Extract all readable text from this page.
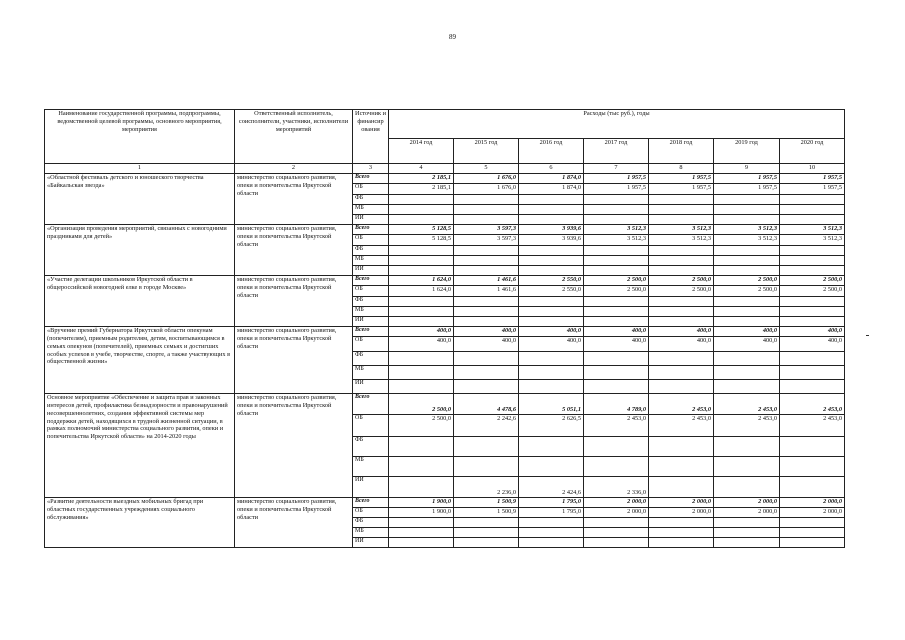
89
Наименование государственной программы, подпрограммы, ведомственной целевой программы, основного мероприятия, мероприятия	Ответственный исполнитель, соисполнители, участники, исполнители мероприятий	Источник и финансир ования	Расходы (тыс руб.), годы						
			2014 год	2015 год	2016 год	2017 год	2018 год	2019 год	2020 год
1	2	3	4	5	6	7	8	9	10
«Областной фестиваль детского и юношеского творчества «Байкальская звезда»	министерство социального развития, опеки и попечительства Иркутской области	Всего	2 185,1	1 676,0	1 874,0	1 957,5	1 957,5	1 957,5	1 957,5
		ОБ	2 185,1	1 676,0	1 874,0	1 957,5	1 957,5	1 957,5	1 957,5
		ФБ							
		МБ							
		ИИ							
«Организация проведения мероприятий, связанных с новогодними праздниками для детей»	министерство социального развития, опеки и попечительства Иркутской области	Всего	5 128,5	3 597,3	3 939,6	3 512,3	3 512,3	3 512,3	3 512,3
		ОБ	5 128,5	3 597,3	3 939,6	3 512,3	3 512,3	3 512,3	3 512,3
		ФБ							
		МБ							
		ИИ							
«Участие делегации школьников Иркутской области в общероссийской новогодней елке в городе Москве»	министерство социального развития, опеки и попечительства Иркутской области	Всего	1 624,0	1 461,6	2 550,0	2 500,0	2 500,0	2 500,0	2 500,0
		ОБ	1 624,0	1 461,6	2 550,0	2 500,0	2 500,0	2 500,0	2 500,0
		ФБ							
		МБ							
		ИИ							
«Вручение премий Губернатора Иркутской области опекунам (попечителям), приемным родителям, детям, воспитывающимся в семьях опекунов (попечителей), приемных семьях и достигших особых успехов в учебе, творчестве, спорте, а также участвующих в общественной жизни»	министерство социального развития, опеки и попечительства Иркутской области	Всего	400,0	400,0	400,0	400,0	400,0	400,0	400,0
		ОБ	400,0	400,0	400,0	400,0	400,0	400,0	400,0
		ФБ							
		МБ							
		ИИ							
Основное мероприятие «Обеспечение и защита прав и законных интересов детей, профилактика безнадзорности и правонарушений несовершеннолетних, создания эффективной системы мер поддержки детей, находящихся в трудной жизненной ситуации, в рамках полномочий министерства социального развития, опеки и попечительства Иркутской области» на 2014-2020 годы	министерство социального развития, опеки и попечительства Иркутской области	Всего	2 500,0	4 478,6	5 051,1	4 789,0	2 453,0	2 453,0	2 453,0
		ОБ	2 500,0	2 242,6	2 626,5	2 453,0	2 453,0	2 453,0	2 453,0
		ФБ							
		МБ							
		ИИ		2 236,0	2 424,6	2 336,0			
«Развитие деятельности выездных мобильных бригад при областных государственных учреждениях социального обслуживания»	министерство социального развития, опеки и попечительства Иркутской области	Всего	1 900,0	1 500,9	1 795,0	2 000,0	2 000,0	2 000,0	2 000,0
		ОБ	1 900,0	1 500,9	1 795,0	2 000,0	2 000,0	2 000,0	2 000,0
		ФБ							
		МБ							
		ИИ							
